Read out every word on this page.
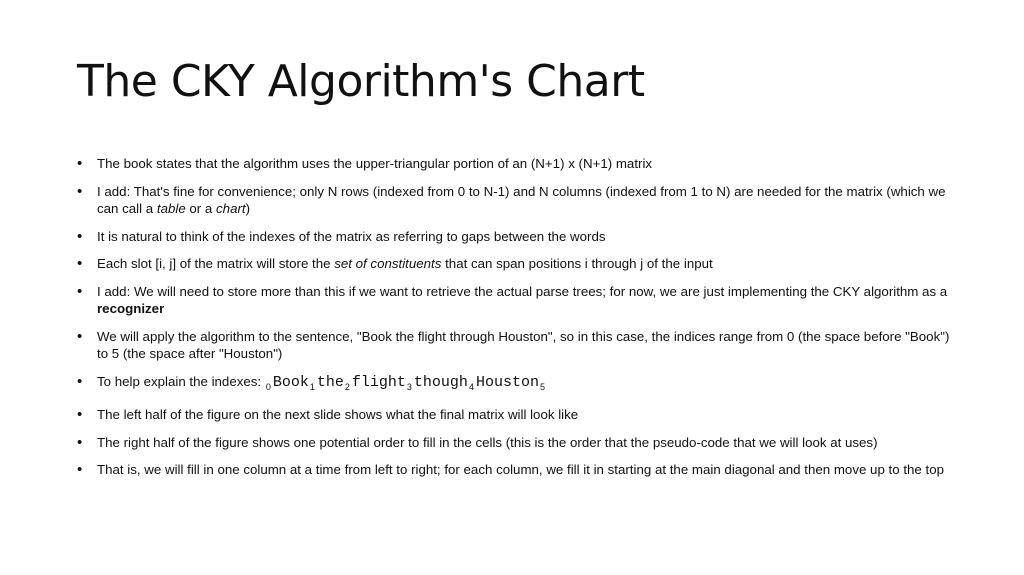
The CKY Algorithm's Chart
• The book states that the algorithm uses the upper-triangular portion of an (N+1) x (N+1) matrix
• I add: That's fine for convenience; only N rows (indexed from 0 to N-1) and N columns (indexed from 1 to N) are needed for the matrix (which we can call a table or a chart)
• It is natural to think of the indexes of the matrix as referring to gaps between the words
• Each slot [i, j] of the matrix will store the set of constituents that can span positions i through j of the input
• I add: We will need to store more than this if we want to retrieve the actual parse trees; for now, we are just implementing the CKY algorithm as a recognizer
• We will apply the algorithm to the sentence, "Book the flight through Houston", so in this case, the indices range from 0 (the space before "Book") to 5 (the space after "Houston")
• To help explain the indexes: $_0$ Book$_1$ the$_2$ flight$_3$ though$_4$ Houston$_5$
• The left half of the figure on the next slide shows what the final matrix will look like
• The right half of the figure shows one potential order to fill in the cells (this is the order that the pseudo-code that we will look at uses)
• That is, we will fill in one column at a time from left to right; for each column, we fill it in starting at the main diagonal and then move up to the top
